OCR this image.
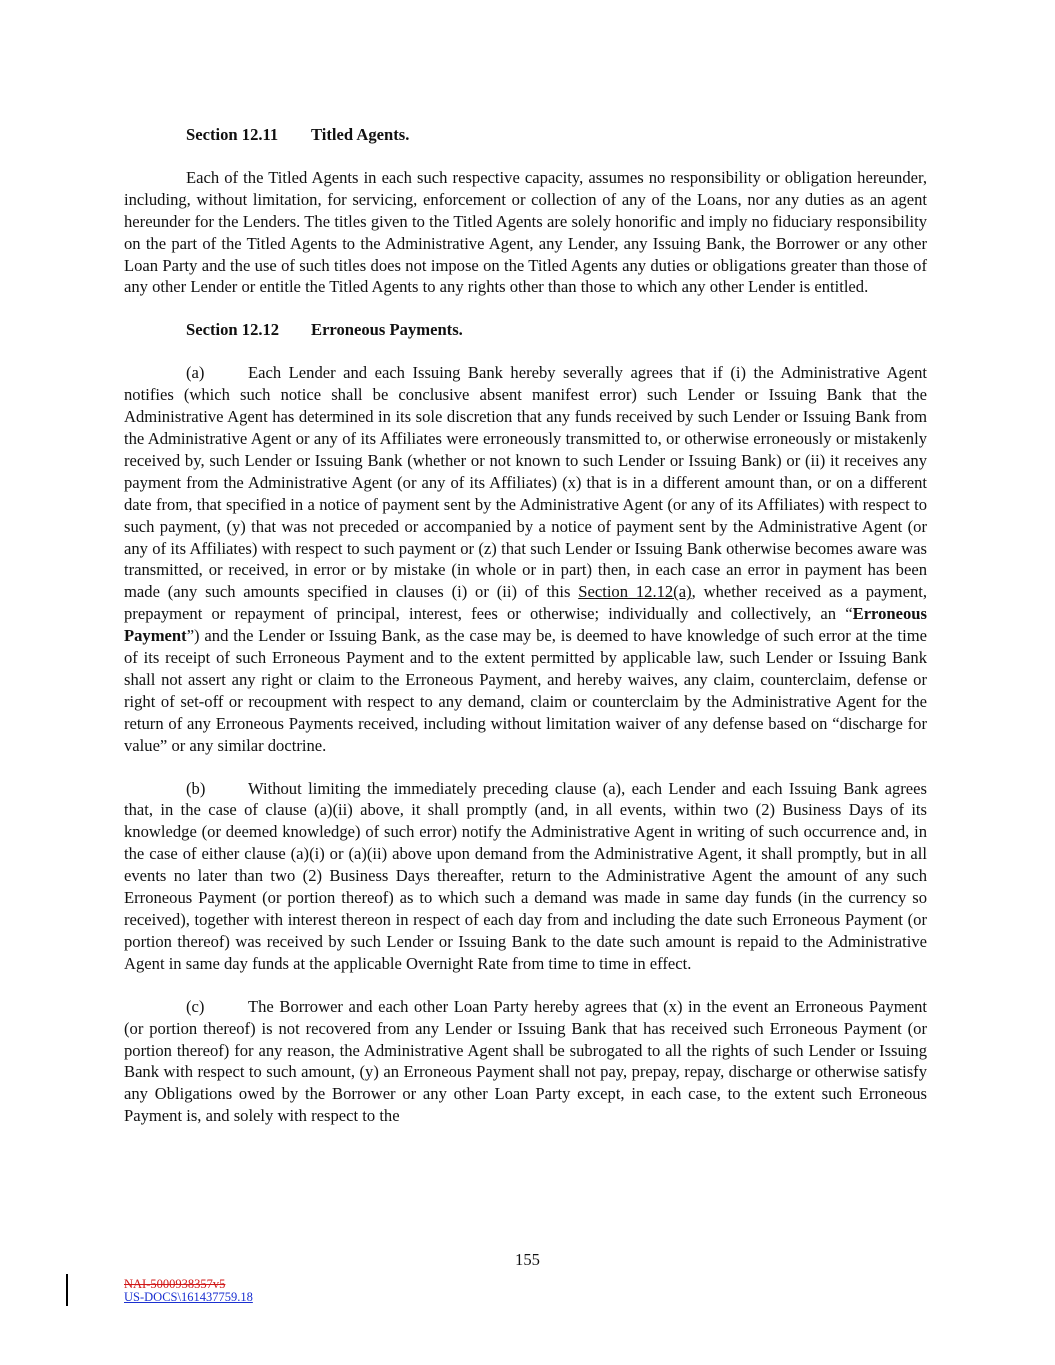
Section 12.11 Titled Agents.

Each of the Titled Agents in each such respective capacity, assumes no responsibility or obligation hereunder, including, without limitation, for servicing, enforcement or collection of any of the Loans, nor any duties as an agent hereunder for the Lenders. The titles given to the Titled Agents are solely honorific and imply no fiduciary responsibility on the part of the Titled Agents to the Administrative Agent, any Lender, any Issuing Bank, the Borrower or any other Loan Party and the use of such titles does not impose on the Titled Agents any duties or obligations greater than those of any other Lender or entitle the Titled Agents to any rights other than those to which any other Lender is entitled.

Section 12.12 Erroneous Payments.

(a)	Each Lender and each Issuing Bank hereby severally agrees that if (i) the Administrative Agent notifies (which such notice shall be conclusive absent manifest error) such Lender or Issuing Bank that the Administrative Agent has determined in its sole discretion that any funds received by such Lender or Issuing Bank from the Administrative Agent or any of its Affiliates were erroneously transmitted to, or otherwise erroneously or mistakenly received by, such Lender or Issuing Bank (whether or not known to such Lender or Issuing Bank) or (ii) it receives any payment from the Administrative Agent (or any of its Affiliates) (x) that is in a different amount than, or on a different date from, that specified in a notice of payment sent by the Administrative Agent (or any of its Affiliates) with respect to such payment, (y) that was not preceded or accompanied by a notice of payment sent by the Administrative Agent (or any of its Affiliates) with respect to such payment or (z) that such Lender or Issuing Bank otherwise becomes aware was transmitted, or received, in error or by mistake (in whole or in part) then, in each case an error in payment has been made (any such amounts specified in clauses (i) or (ii) of this Section 12.12(a), whether received as a payment, prepayment or repayment of principal, interest, fees or otherwise; individually and collectively, an “Erroneous Payment”) and the Lender or Issuing Bank, as the case may be, is deemed to have knowledge of such error at the time of its receipt of such Erroneous Payment and to the extent permitted by applicable law, such Lender or Issuing Bank shall not assert any right or claim to the Erroneous Payment, and hereby waives, any claim, counterclaim, defense or right of set-off or recoupment with respect to any demand, claim or counterclaim by the Administrative Agent for the return of any Erroneous Payments received, including without limitation waiver of any defense based on “discharge for value” or any similar doctrine.

(b)	Without limiting the immediately preceding clause (a), each Lender and each Issuing Bank agrees that, in the case of clause (a)(ii) above, it shall promptly (and, in all events, within two (2) Business Days of its knowledge (or deemed knowledge) of such error) notify the Administrative Agent in writing of such occurrence and, in the case of either clause (a)(i) or (a)(ii) above upon demand from the Administrative Agent, it shall promptly, but in all events no later than two (2) Business Days thereafter, return to the Administrative Agent the amount of any such Erroneous Payment (or portion thereof) as to which such a demand was made in same day funds (in the currency so received), together with interest thereon in respect of each day from and including the date such Erroneous Payment (or portion thereof) was received by such Lender or Issuing Bank to the date such amount is repaid to the Administrative Agent in same day funds at the applicable Overnight Rate from time to time in effect.

(c)	The Borrower and each other Loan Party hereby agrees that (x) in the event an Erroneous Payment (or portion thereof) is not recovered from any Lender or Issuing Bank that has received such Erroneous Payment (or portion thereof) for any reason, the Administrative Agent shall be subrogated to all the rights of such Lender or Issuing Bank with respect to such amount, (y) an Erroneous Payment shall not pay, prepay, repay, discharge or otherwise satisfy any Obligations owed by the Borrower or any other Loan Party except, in each case, to the extent such Erroneous Payment is, and solely with respect to the

155
NAI-5000938357v5
US-DOCS\161437759.18
